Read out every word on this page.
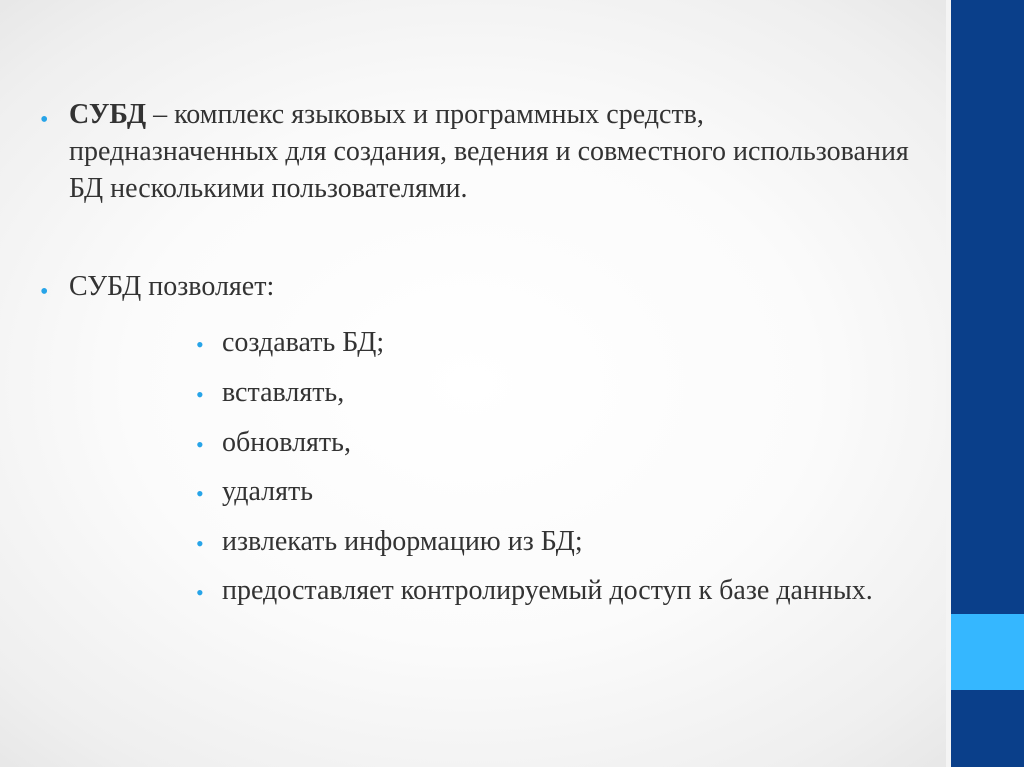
• СУБД – комплекс языковых и программных средств, предназначенных для создания, ведения и совместного использования БД несколькими пользователями.

• СУБД позволяет:

• создавать БД;

• вставлять,

• обновлять,

• удалять

• извлекать информацию из БД;

• предоставляет контролируемый доступ к базе данных.
